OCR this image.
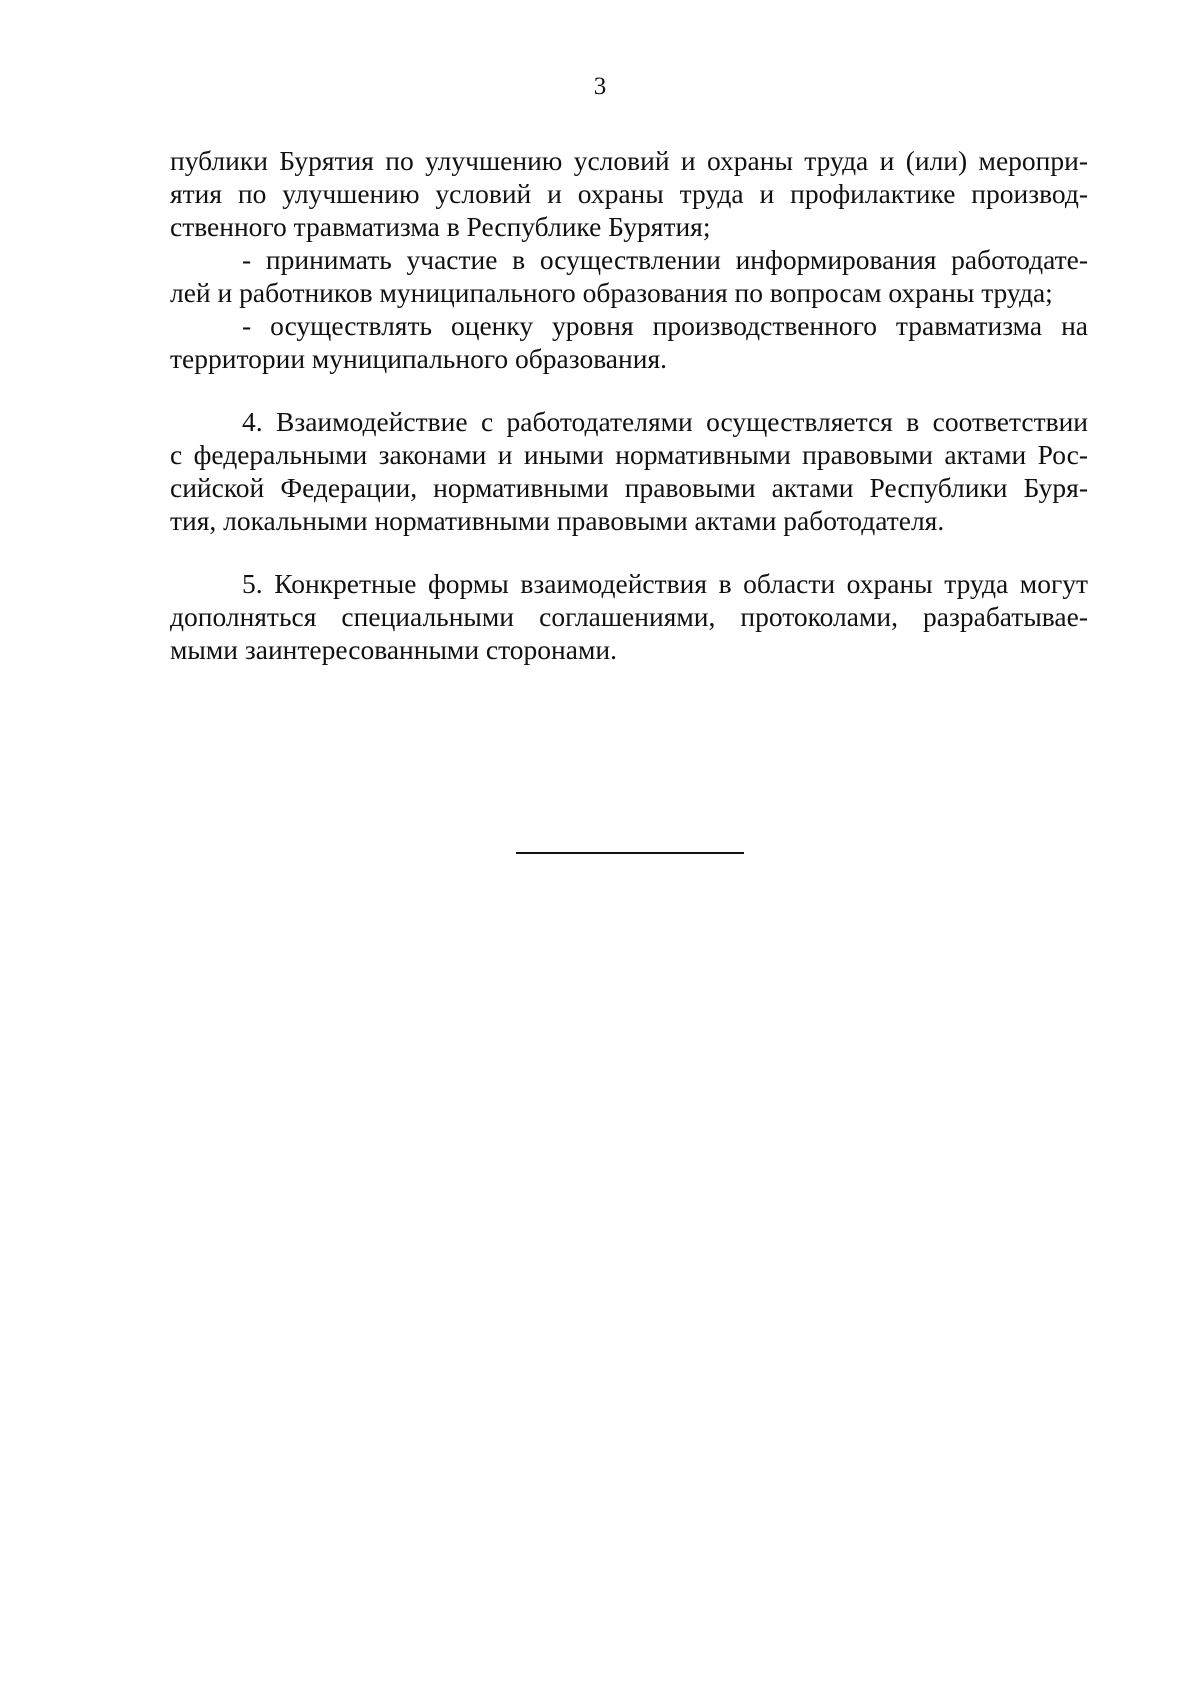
3
публики Бурятия по улучшению условий и охраны труда и (или) меропри-
ятия по улучшению условий и охраны труда и профилактике производ-
ственного травматизма в Республике Бурятия;
- принимать участие в осуществлении информирования работодате-
лей и работников муниципального образования по вопросам охраны труда;
- осуществлять оценку уровня производственного травматизма на
территории муниципального образования.
4. Взаимодействие с работодателями осуществляется в соответствии
с федеральными законами и иными нормативными правовыми актами Рос-
сийской Федерации, нормативными правовыми актами Республики Буря-
тия, локальными нормативными правовыми актами работодателя.
5. Конкретные формы взаимодействия в области охраны труда могут
дополняться специальными соглашениями, протоколами, разрабатывае-
мыми заинтересованными сторонами.
